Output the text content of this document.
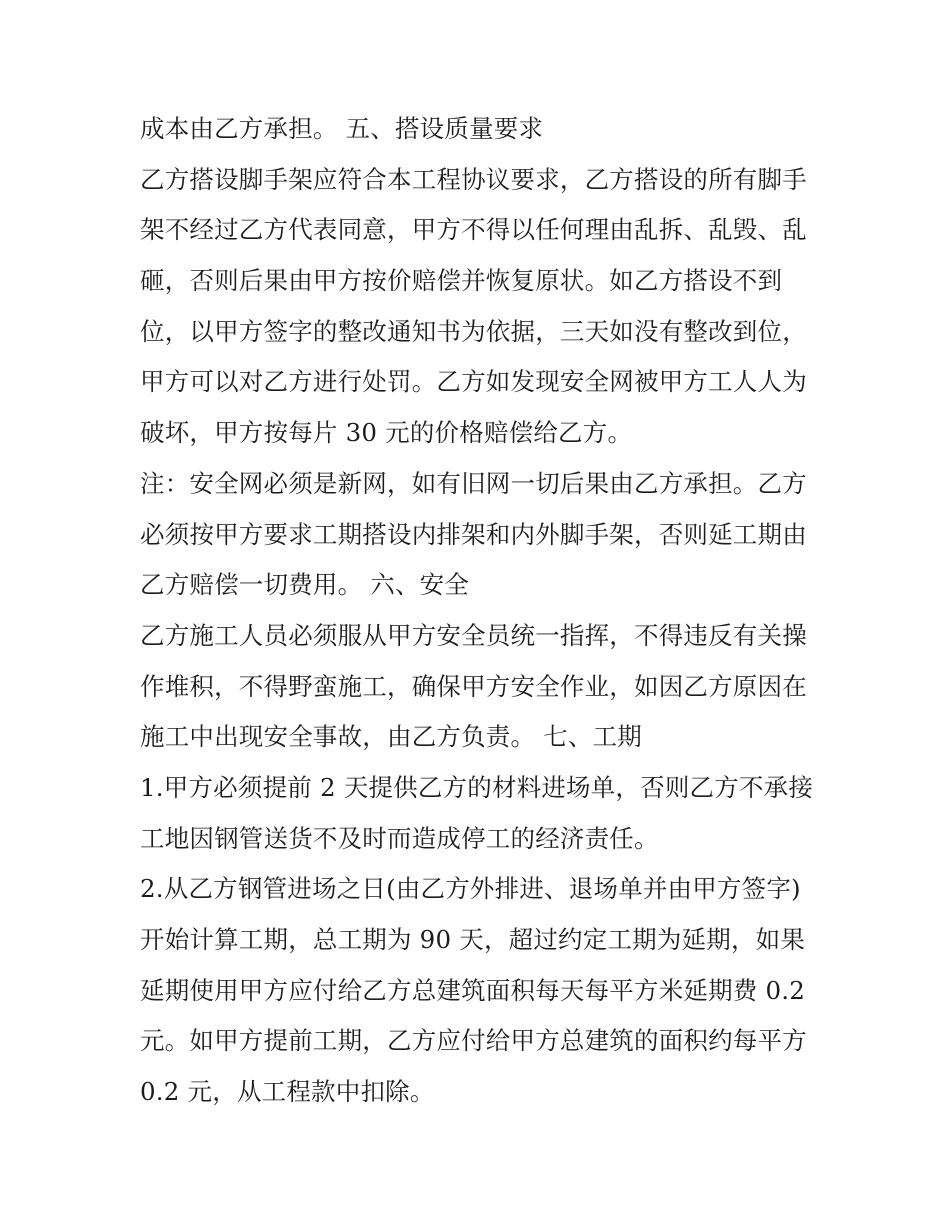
成本由乙方承担。 五、搭设质量要求
乙方搭设脚手架应符合本工程协议要求，乙方搭设的所有脚手
架不经过乙方代表同意，甲方不得以任何理由乱拆、乱毁、乱
砸，否则后果由甲方按价赔偿并恢复原状。如乙方搭设不到
位，以甲方签字的整改通知书为依据，三天如没有整改到位，
甲方可以对乙方进行处罚。乙方如发现安全网被甲方工人人为
破坏，甲方按每片 30 元的价格赔偿给乙方。
注：安全网必须是新网，如有旧网一切后果由乙方承担。乙方
必须按甲方要求工期搭设内排架和内外脚手架，否则延工期由
乙方赔偿一切费用。 六、安全
乙方施工人员必须服从甲方安全员统一指挥，不得违反有关操
作堆积，不得野蛮施工，确保甲方安全作业，如因乙方原因在
施工中出现安全事故，由乙方负责。 七、工期
1.甲方必须提前 2 天提供乙方的材料进场单，否则乙方不承接
工地因钢管送货不及时而造成停工的经济责任。
2.从乙方钢管进场之日(由乙方外排进、退场单并由甲方签字)
开始计算工期，总工期为 90 天，超过约定工期为延期，如果
延期使用甲方应付给乙方总建筑面积每天每平方米延期费 0.2
元。如甲方提前工期，乙方应付给甲方总建筑的面积约每平方
0.2 元，从工程款中扣除。
